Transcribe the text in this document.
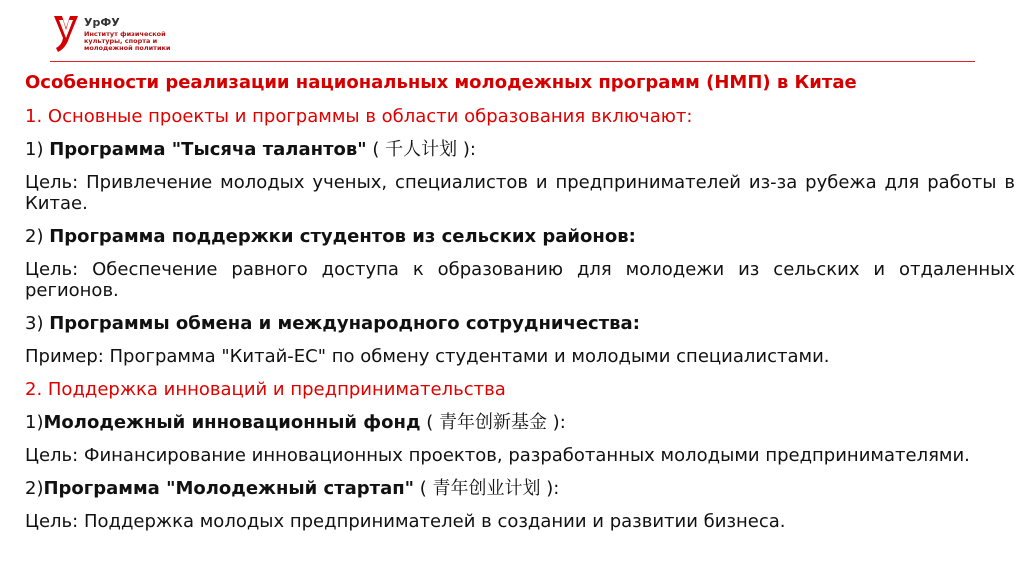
УрФУ
Институт физической культуры, спорта и молодежной политики

Особенности реализации национальных молодежных программ (НМП) в Китае

1. Основные проекты и программы в области образования включают:

1) Программа "Тысяча талантов" ( 千人计划 ):

Цель: Привлечение молодых ученых, специалистов и предпринимателей из-за рубежа для работы в Китае.

2) Программа поддержки студентов из сельских районов:

Цель: Обеспечение равного доступа к образованию для молодежи из сельских и отдаленных регионов.

3) Программы обмена и международного сотрудничества:

Пример: Программа "Китай-ЕС" по обмену студентами и молодыми специалистами.

2. Поддержка инноваций и предпринимательства

1)Молодежный инновационный фонд ( 青年创新基金 ):

Цель: Финансирование инновационных проектов, разработанных молодыми предпринимателями.

2)Программа "Молодежный стартап" ( 青年创业计划 ):

Цель: Поддержка молодых предпринимателей в создании и развитии бизнеса.
